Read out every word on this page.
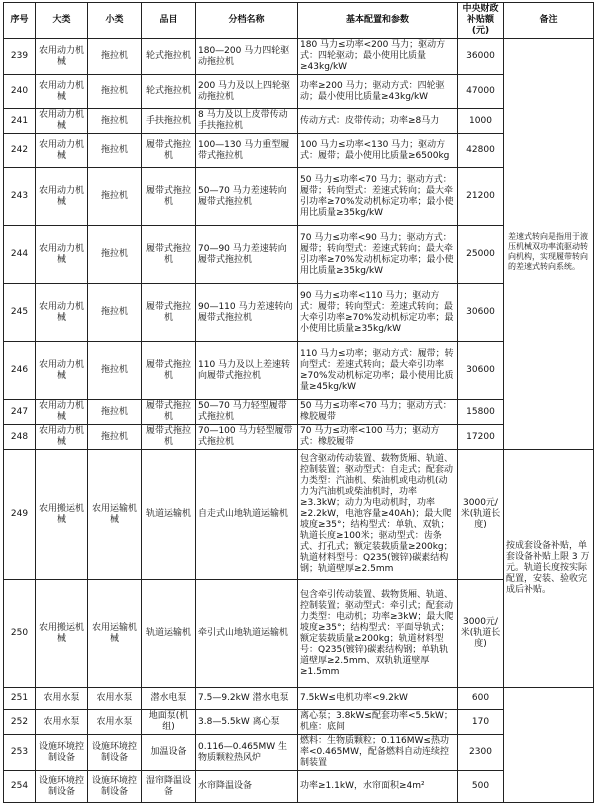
序号	大类	小类	品目	分档名称	基本配置和参数	中央财政补贴额(元)	备注
239	农用动力机械	拖拉机	轮式拖拉机	180—200 马力四轮驱动拖拉机	180 马力≤功率<200 马力；驱动方式：四轮驱动；最小使用比质量≥43kg/kW	36000	
240	农用动力机械	拖拉机	轮式拖拉机	200 马力及以上四轮驱动拖拉机	功率≥200 马力；驱动方式：四轮驱动；最小使用比质量≥43kg/kW	47000	
241	农用动力机械	拖拉机	手扶拖拉机	8 马力及以上皮带传动手扶拖拉机	传动方式：皮带传动；功率≥8马力	1000	
242	农用动力机械	拖拉机	履带式拖拉机	100—130 马力重型履带式拖拉机	100 马力≤功率<130 马力；驱动方式：履带；最小使用比质量≥6500kg	42800	
243	农用动力机械	拖拉机	履带式拖拉机	50—70 马力差速转向履带式拖拉机	50 马力≤功率<70 马力；驱动方式：履带；转向型式：差速式转向；最大牵引功率≥70%发动机标定功率；最小使用比质量≥35kg/kW	21200	
244	农用动力机械	拖拉机	履带式拖拉机	70—90 马力差速转向履带式拖拉机	70 马力≤功率<90 马力；驱动方式：履带；转向型式：差速式转向；最大牵引功率≥70%发动机标定功率；最小使用比质量≥35kg/kW	25000	
245	农用动力机械	拖拉机	履带式拖拉机	90—110 马力差速转向履带式拖拉机	90 马力≤功率<110 马力；驱动方式：履带；转向型式：差速式转向；最大牵引功率≥70%发动机标定功率；最小使用比质量≥35kg/kW	30600	
246	农用动力机械	拖拉机	履带式拖拉机	110 马力及以上差速转向履带式拖拉机	110 马力≤功率；驱动方式：履带；转向型式：差速式转向；最大牵引功率≥70%发动机标定功率；最小使用比质量≥45kg/kW	30600	
247	农用动力机械	拖拉机	履带式拖拉机	50—70 马力轻型履带式拖拉机	50 马力≤功率<70 马力；驱动方式：橡胶履带	15800	
248	农用动力机械	拖拉机	履带式拖拉机	70—100 马力轻型履带式拖拉机	70 马力≤功率<100 马力；驱动方式：橡胶履带	17200	
249	农用搬运机械	农用运输机械	轨道运输机	自走式山地轨道运输机	包含驱动传动装置、载物货厢、轨道、控制装置；驱动型式：自走式；配套动力类型：汽油机、柴油机或电动机(动力为汽油机或柴油机时，功率≥3.3kW；动力为电动机时，功率≥2.2kW，电池容量≥40Ah)；最大爬坡度≥35°；结构型式：单轨、双轨；轨道长度≥100米；驱动型式：齿条式、打孔式；额定装载质量≥200kg；轨道材料型号：Q235(镀锌)碳素结构钢；轨道壁厚≥2.5mm	3000元/米(轨道长度)	按成套设备补贴，单套设备补贴上限 3 万元。轨道长度按实际配置，安装、验收完成后补贴。
250	农用搬运机械	农用运输机械	轨道运输机	牵引式山地轨道运输机	包含牵引传动装置、载物货厢、轨道、控制装置；驱动型式：牵引式；配套动力类型：电动机；功率≥3kW；最大爬坡度≥35°；结构型式：平面导轨式；额定装载质量≥200kg；轨道材料型号：Q235(镀锌)碳素结构钢；单轨轨道壁厚≥2.5mm、双轨轨道壁厚≥1.5mm	3000元/米(轨道长度)	
251	农用水泵	农用水泵	潜水电泵	7.5—9.2kW 潜水电泵	7.5kW≤电机功率<9.2kW	600	
252	农用水泵	农用水泵	地面泵(机组)	3.8—5.5kW 离心泵	离心泵；3.8kW≤配套功率<5.5kW；机座：底间	170	
253	设施环境控制设备	设施环境控制设备	加温设备	0.116—0.465MW 生物质颗粒热风炉	燃料：生物质颗粒；0.116MW≤热功率<0.465MW，配备燃料自动连续控制装置	2300	
254	设施环境控制设备	设施环境控制设备	湿帘降温设备	水帘降温设备	功率≥1.1kW，水帘面积≥4m²	500	
差速式转向是指用于液压机械双功率流驱动转向机构，实现履带转向的差速式转向系统。
